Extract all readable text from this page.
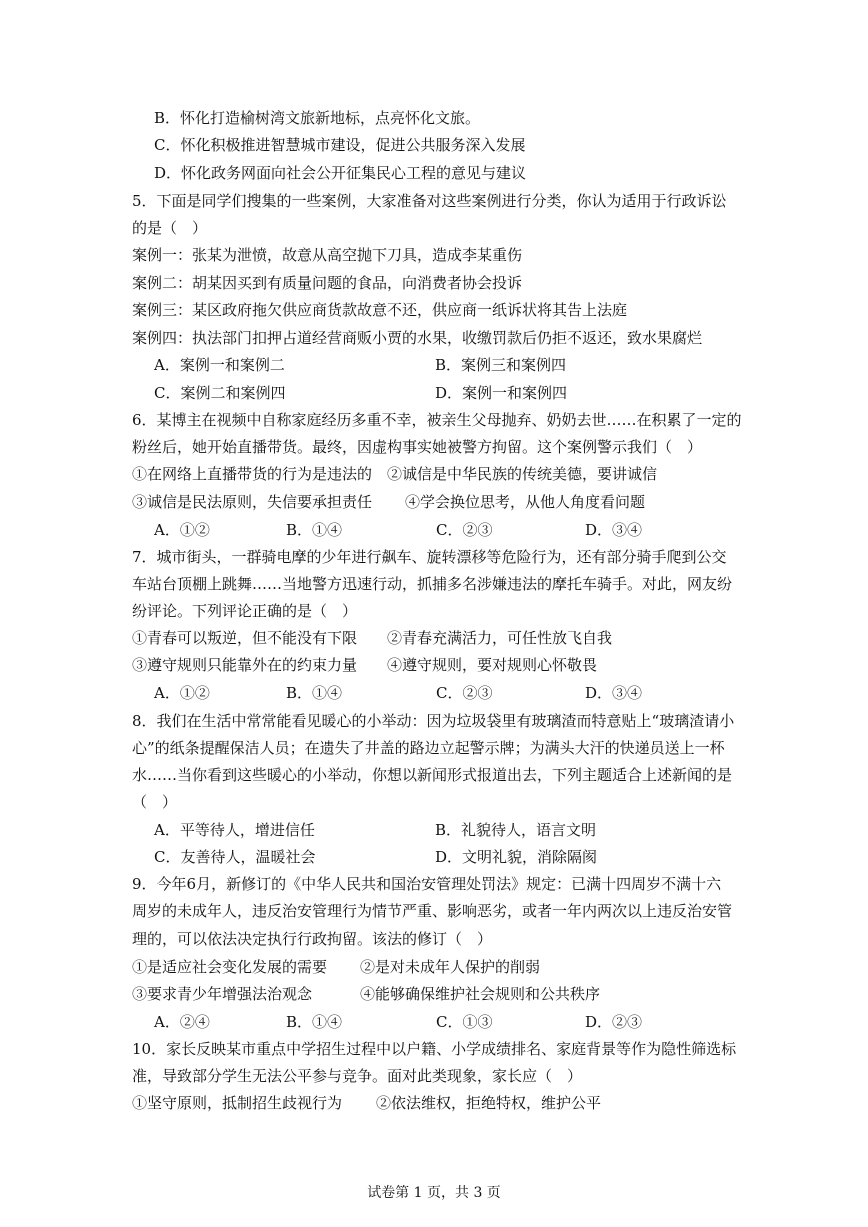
B．怀化打造榆树湾文旅新地标，点亮怀化文旅。
C．怀化积极推进智慧城市建设，促进公共服务深入发展
D．怀化政务网面向社会公开征集民心工程的意见与建议
5．下面是同学们搜集的一些案例，大家准备对这些案例进行分类，你认为适用于行政诉讼
的是（　）
案例一：张某为泄愤，故意从高空抛下刀具，造成李某重伤
案例二：胡某因买到有质量问题的食品，向消费者协会投诉
案例三：某区政府拖欠供应商货款故意不还，供应商一纸诉状将其告上法庭
案例四：执法部门扣押占道经营商贩小贾的水果，收缴罚款后仍拒不返还，致水果腐烂
A．案例一和案例二	B．案例三和案例四
C．案例二和案例四	D．案例一和案例四
6．某博主在视频中自称家庭经历多重不幸，被亲生父母抛弃、奶奶去世……在积累了一定的
粉丝后，她开始直播带货。最终，因虚构事实她被警方拘留。这个案例警示我们（　）
①在网络上直播带货的行为是违法的 ②诚信是中华民族的传统美德，要讲诚信
③诚信是民法原则，失信要承担责任 ④学会换位思考，从他人角度看问题
A．①②	B．①④	C．②③	D．③④
7．城市街头，一群骑电摩的少年进行飙车、旋转漂移等危险行为，还有部分骑手爬到公交
车站台顶棚上跳舞……当地警方迅速行动，抓捕多名涉嫌违法的摩托车骑手。对此，网友纷
纷评论。下列评论正确的是（　）
①青春可以叛逆，但不能没有下限 ②青春充满活力，可任性放飞自我
③遵守规则只能靠外在的约束力量 ④遵守规则，要对规则心怀敬畏
A．①②	B．①④	C．②③	D．③④
8．我们在生活中常常能看见暖心的小举动：因为垃圾袋里有玻璃渣而特意贴上“玻璃渣请小
心”的纸条提醒保洁人员；在遗失了井盖的路边立起警示牌；为满头大汗的快递员送上一杯
水……当你看到这些暖心的小举动，你想以新闻形式报道出去，下列主题适合上述新闻的是
（　）
A．平等待人，增进信任	B．礼貌待人，语言文明
C．友善待人，温暖社会	D．文明礼貌，消除隔阂
9．今年6月，新修订的《中华人民共和国治安管理处罚法》规定：已满十四周岁不满十六
周岁的未成年人，违反治安管理行为情节严重、影响恶劣，或者一年内两次以上违反治安管
理的，可以依法决定执行行政拘留。该法的修订（　）
①是适应社会变化发展的需要 ②是对未成年人保护的削弱
③要求青少年增强法治观念	④能够确保维护社会规则和公共秩序
A．②④	B．①④	C．①③	D．②③
10．家长反映某市重点中学招生过程中以户籍、小学成绩排名、家庭背景等作为隐性筛选标
准，导致部分学生无法公平参与竞争。面对此类现象，家长应（　）
①坚守原则，抵制招生歧视行为 ②依法维权，拒绝特权，维护公平
试卷第 1 页，共 3 页
